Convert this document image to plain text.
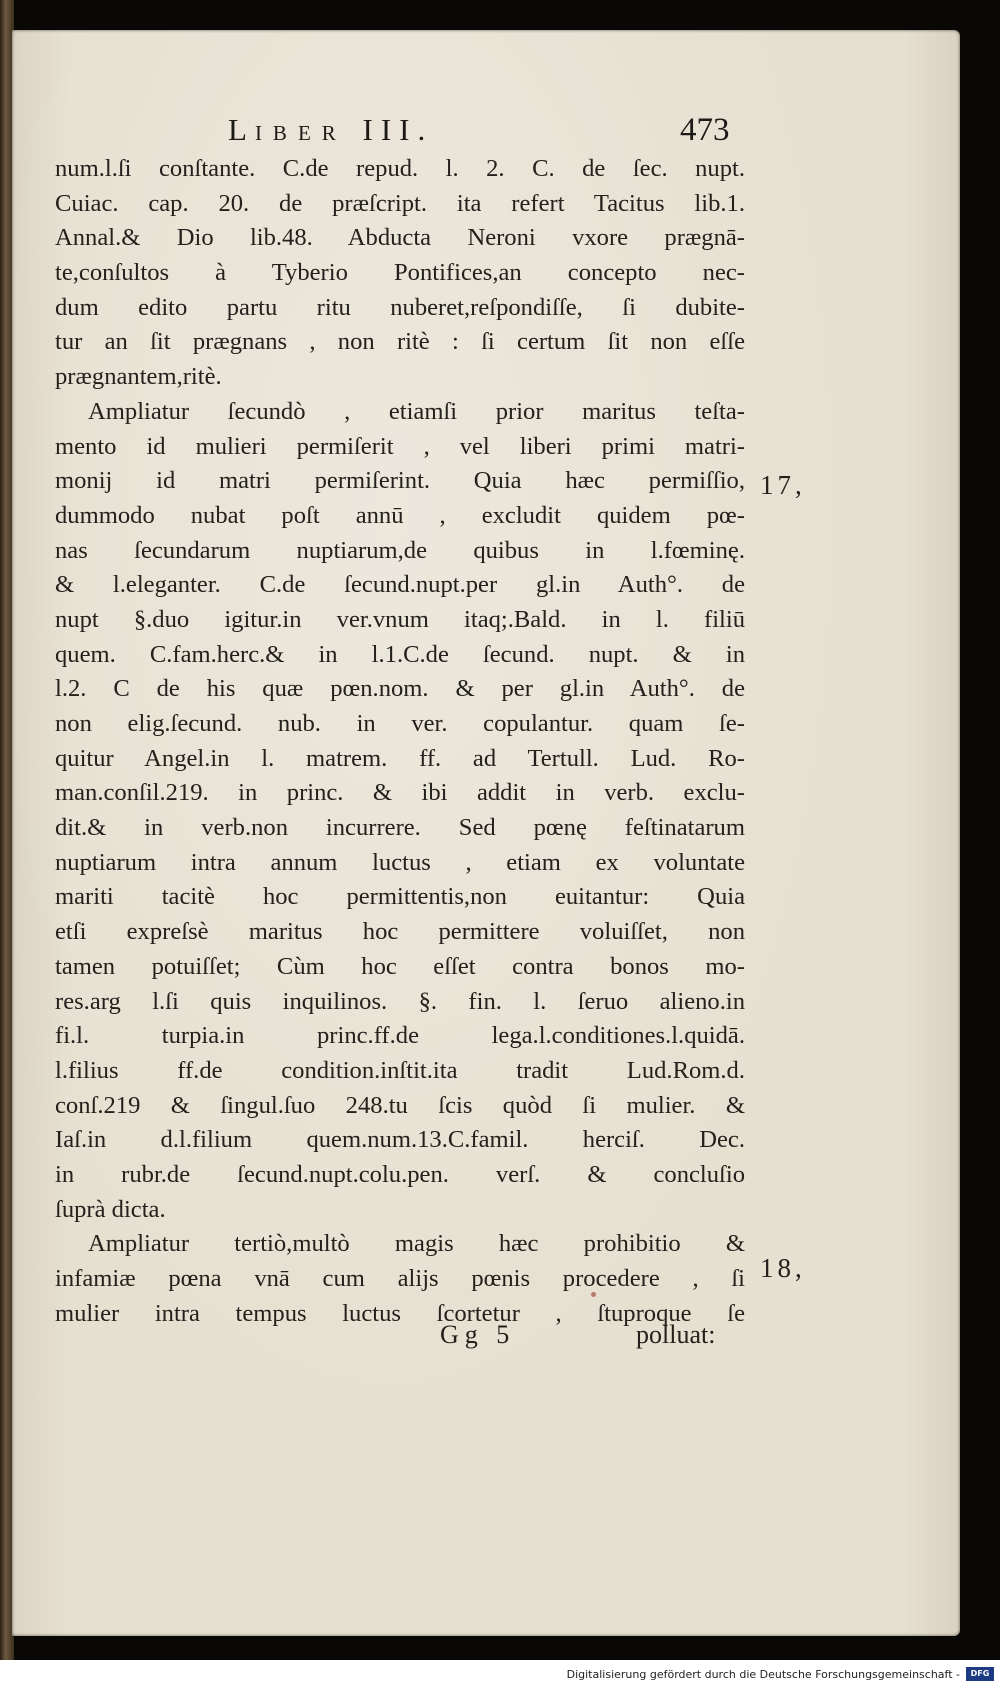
LIBER III.	473
num.l.ſi conſtante. C.de repud. l. 2. C. de ſec. nupt.
Cuiac. cap. 20. de præſcript. ita refert Tacitus lib.1.
Annal.& Dio lib.48. Abducta Neroni vxore prægnā-
te,conſultos à Tyberio Pontifices,an concepto nec-
dum edito partu ritu nuberet,reſpondiſſe, ſi dubite-
tur an ſit prægnans , non ritè : ſi certum ſit non eſſe
prægnantem,ritè.
Ampliatur ſecundò , etiamſi prior maritus teſta-
mento id mulieri permiſerit , vel liberi primi matri-
monij id matri permiſerint. Quia hæc permiſſio,
dummodo nubat poſt annū , excludit quidem pœ-
nas ſecundarum nuptiarum,de quibus in l.fœminę.
& l.eleganter. C.de ſecund.nupt.per gl.in Auth°. de
nupt §.duo igitur.in ver.vnum itaq;.Bald. in l. filiū
quem. C.fam.herc.& in l.1.C.de ſecund. nupt. & in
l.2. C de his quæ pœn.nom. & per gl.in Auth°. de
non elig.ſecund. nub. in ver. copulantur. quam ſe-
quitur Angel.in l. matrem. ff. ad Tertull. Lud. Ro-
man.conſil.219. in princ. & ibi addit in verb. exclu-
dit.& in verb.non incurrere. Sed pœnę feſtinatarum
nuptiarum intra annum luctus , etiam ex voluntate
mariti tacitè hoc permittentis,non euitantur: Quia
etſi expreſsè maritus hoc permittere voluiſſet, non
tamen potuiſſet; Cùm hoc eſſet contra bonos mo-
res.arg l.ſi quis inquilinos. §. fin. l. ſeruo alieno.in
fi.l. turpia.in princ.ff.de lega.l.conditiones.l.quidā.
l.filius ff.de condition.inſtit.ita tradit Lud.Rom.d.
conſ.219 & ſingul.ſuo 248.tu ſcis quòd ſi mulier. &
Iaſ.in d.l.filium quem.num.13.C.famil. herciſ. Dec.
in rubr.de ſecund.nupt.colu.pen. verſ. & concluſio
ſuprà dicta.
Ampliatur tertiò,multò magis hæc prohibitio &
infamiæ pœna vnā cum alijs pœnis procedere , ſi
mulier intra tempus luctus ſcortetur , ſtuproque ſe
17,
18,
Gg 5	polluat:
Digitalisierung gefördert durch die Deutsche Forschungsgemeinschaft -	DFG
